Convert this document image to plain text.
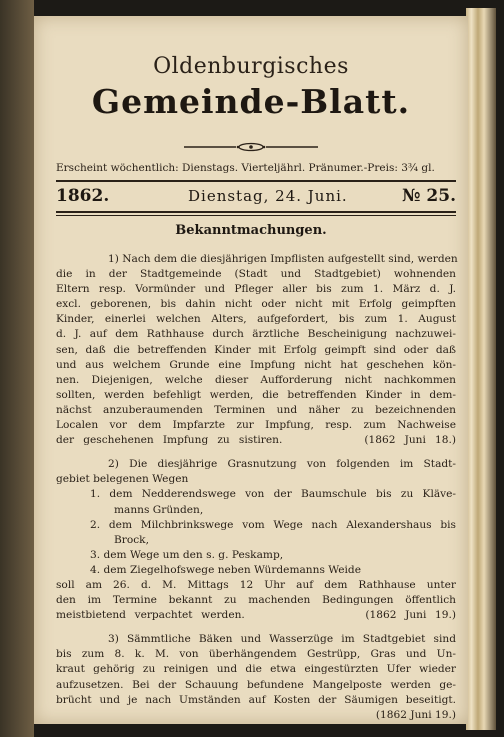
Oldenburgisches
Gemeinde-Blatt.
Erscheint wöchentlich: Dienstags. Vierteljährl. Pränumer.-Preis: 3¾ gl.
1862.	Dienstag, 24. Juni.	№ 25.
Bekanntmachungen.
1) Nach dem die diesjährigen Impflisten aufgestellt sind, werden
die in der Stadtgemeinde (Stadt und Stadtgebiet) wohnenden
Eltern resp. Vormünder und Pfleger aller bis zum 1. März d. J.
excl. geborenen, bis dahin nicht oder nicht mit Erfolg geimpften
Kinder, einerlei welchen Alters, aufgefordert, bis zum 1. August
d. J. auf dem Rathhause durch ärztliche Bescheinigung nachzuwei-
sen, daß die betreffenden Kinder mit Erfolg geimpft sind oder daß
und aus welchem Grunde eine Impfung nicht hat geschehen kön-
nen. Diejenigen, welche dieser Aufforderung nicht nachkommen
sollten, werden befehligt werden, die betreffenden Kinder in dem-
nächst anzuberaumenden Terminen und näher zu bezeichnenden
Localen vor dem Impfarzte zur Impfung, resp. zum Nachweise
der geschehenen Impfung zu sistiren.         (1862 Juni 18.)
2) Die diesjährige Grasnutzung von folgenden im Stadt-
gebiet belegenen Wegen
1. dem Nedderendswege von der Baumschule bis zu Kläve-
manns Gründen,
2. dem Milchbrinkswege vom Wege nach Alexandershaus bis
Brock,
3. dem Wege um den s. g. Peskamp,
4. dem Ziegelhofswege neben Würdemanns Weide
soll am 26. d. M. Mittags 12 Uhr auf dem Rathhause unter
den im Termine bekannt zu machenden Bedingungen öffentlich
meistbietend verpachtet werden.              (1862 Juni 19.)
3) Sämmtliche Bäken und Wasserzüge im Stadtgebiet sind
bis zum 8. k. M. von überhängendem Gestrüpp, Gras und Un-
kraut gehörig zu reinigen und die etwa eingestürzten Ufer wieder
aufzusetzen. Bei der Schauung befundene Mangelposte werden ge-
brücht und je nach Umständen auf Kosten der Säumigen beseitigt.
(1862 Juni 19.)
